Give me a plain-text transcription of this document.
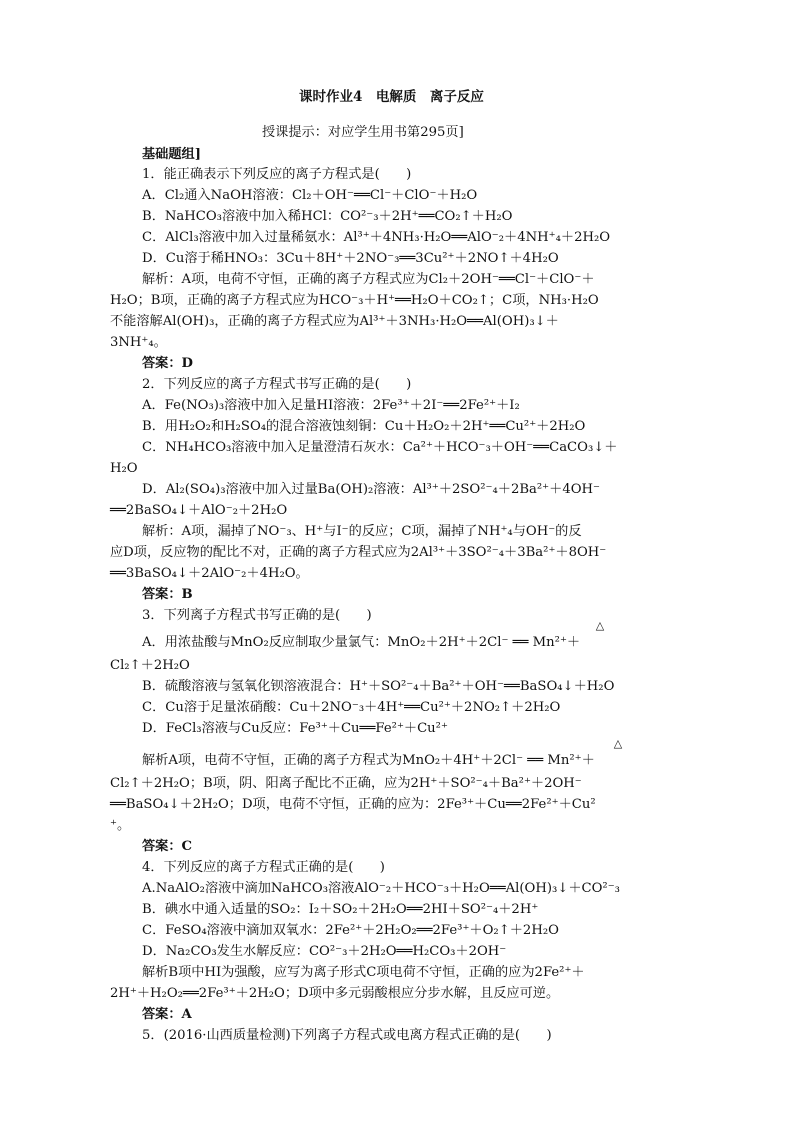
课时作业4　电解质　离子反应
授课提示：对应学生用书第295页]
基础题组]
1．能正确表示下列反应的离子方程式是(　　)
A．Cl₂通入NaOH溶液：Cl₂＋OH⁻══Cl⁻＋ClO⁻＋H₂O
B．NaHCO₃溶液中加入稀HCl：CO²⁻₃＋2H⁺══CO₂↑＋H₂O
C．AlCl₃溶液中加入过量稀氨水：Al³⁺＋4NH₃·H₂O══AlO⁻₂＋4NH⁺₄＋2H₂O
D．Cu溶于稀HNO₃：3Cu＋8H⁺＋2NO⁻₃══3Cu²⁺＋2NO↑＋4H₂O
解析：A项，电荷不守恒，正确的离子方程式应为Cl₂＋2OH⁻══Cl⁻＋ClO⁻＋
H₂O；B项，正确的离子方程式应为HCO⁻₃＋H⁺══H₂O＋CO₂↑；C项，NH₃·H₂O
不能溶解Al(OH)₃，正确的离子方程式应为Al³⁺＋3NH₃·H₂O══Al(OH)₃↓＋
3NH⁺₄。
答案：D
2．下列反应的离子方程式书写正确的是(　　)
A．Fe(NO₃)₃溶液中加入足量HI溶液：2Fe³⁺＋2I⁻══2Fe²⁺＋I₂
B．用H₂O₂和H₂SO₄的混合溶液蚀刻铜：Cu＋H₂O₂＋2H⁺══Cu²⁺＋2H₂O
C．NH₄HCO₃溶液中加入足量澄清石灰水：Ca²⁺＋HCO⁻₃＋OH⁻══CaCO₃↓＋
H₂O
D．Al₂(SO₄)₃溶液中加入过量Ba(OH)₂溶液：Al³⁺＋2SO²⁻₄＋2Ba²⁺＋4OH⁻
══2BaSO₄↓＋AlO⁻₂＋2H₂O
解析：A项，漏掉了NO⁻₃、H⁺与I⁻的反应；C项，漏掉了NH⁺₄与OH⁻的反
应D项，反应物的配比不对，正确的离子方程式应为2Al³⁺＋3SO²⁻₄＋3Ba²⁺＋8OH⁻
══3BaSO₄↓＋2AlO⁻₂＋4H₂O。
答案：B
3．下列离子方程式书写正确的是(　　)
△
A．用浓盐酸与MnO₂反应制取少量氯气：MnO₂＋2H⁺＋2Cl⁻ ══ Mn²⁺＋
Cl₂↑＋2H₂O
B．硫酸溶液与氢氧化钡溶液混合：H⁺＋SO²⁻₄＋Ba²⁺＋OH⁻══BaSO₄↓＋H₂O
C．Cu溶于足量浓硝酸：Cu＋2NO⁻₃＋4H⁺══Cu²⁺＋2NO₂↑＋2H₂O
D．FeCl₃溶液与Cu反应：Fe³⁺＋Cu══Fe²⁺＋Cu²⁺
△
解析A项，电荷不守恒，正确的离子方程式为MnO₂＋4H⁺＋2Cl⁻ ══ Mn²⁺＋
Cl₂↑＋2H₂O；B项，阴、阳离子配比不正确，应为2H⁺＋SO²⁻₄＋Ba²⁺＋2OH⁻
══BaSO₄↓＋2H₂O；D项，电荷不守恒，正确的应为：2Fe³⁺＋Cu══2Fe²⁺＋Cu²
⁺。
答案：C
4．下列反应的离子方程式正确的是(　　)
A.NaAlO₂溶液中滴加NaHCO₃溶液AlO⁻₂＋HCO⁻₃＋H₂O══Al(OH)₃↓＋CO²⁻₃
B．碘水中通入适量的SO₂：I₂＋SO₂＋2H₂O══2HI＋SO²⁻₄＋2H⁺
C．FeSO₄溶液中滴加双氧水：2Fe²⁺＋2H₂O₂══2Fe³⁺＋O₂↑＋2H₂O
D．Na₂CO₃发生水解反应：CO²⁻₃＋2H₂O══H₂CO₃＋2OH⁻
解析B项中HI为强酸，应写为离子形式C项电荷不守恒，正确的应为2Fe²⁺＋
2H⁺＋H₂O₂══2Fe³⁺＋2H₂O；D项中多元弱酸根应分步水解，且反应可逆。
答案：A
5．(2016·山西质量检测)下列离子方程式或电离方程式正确的是(　　)
